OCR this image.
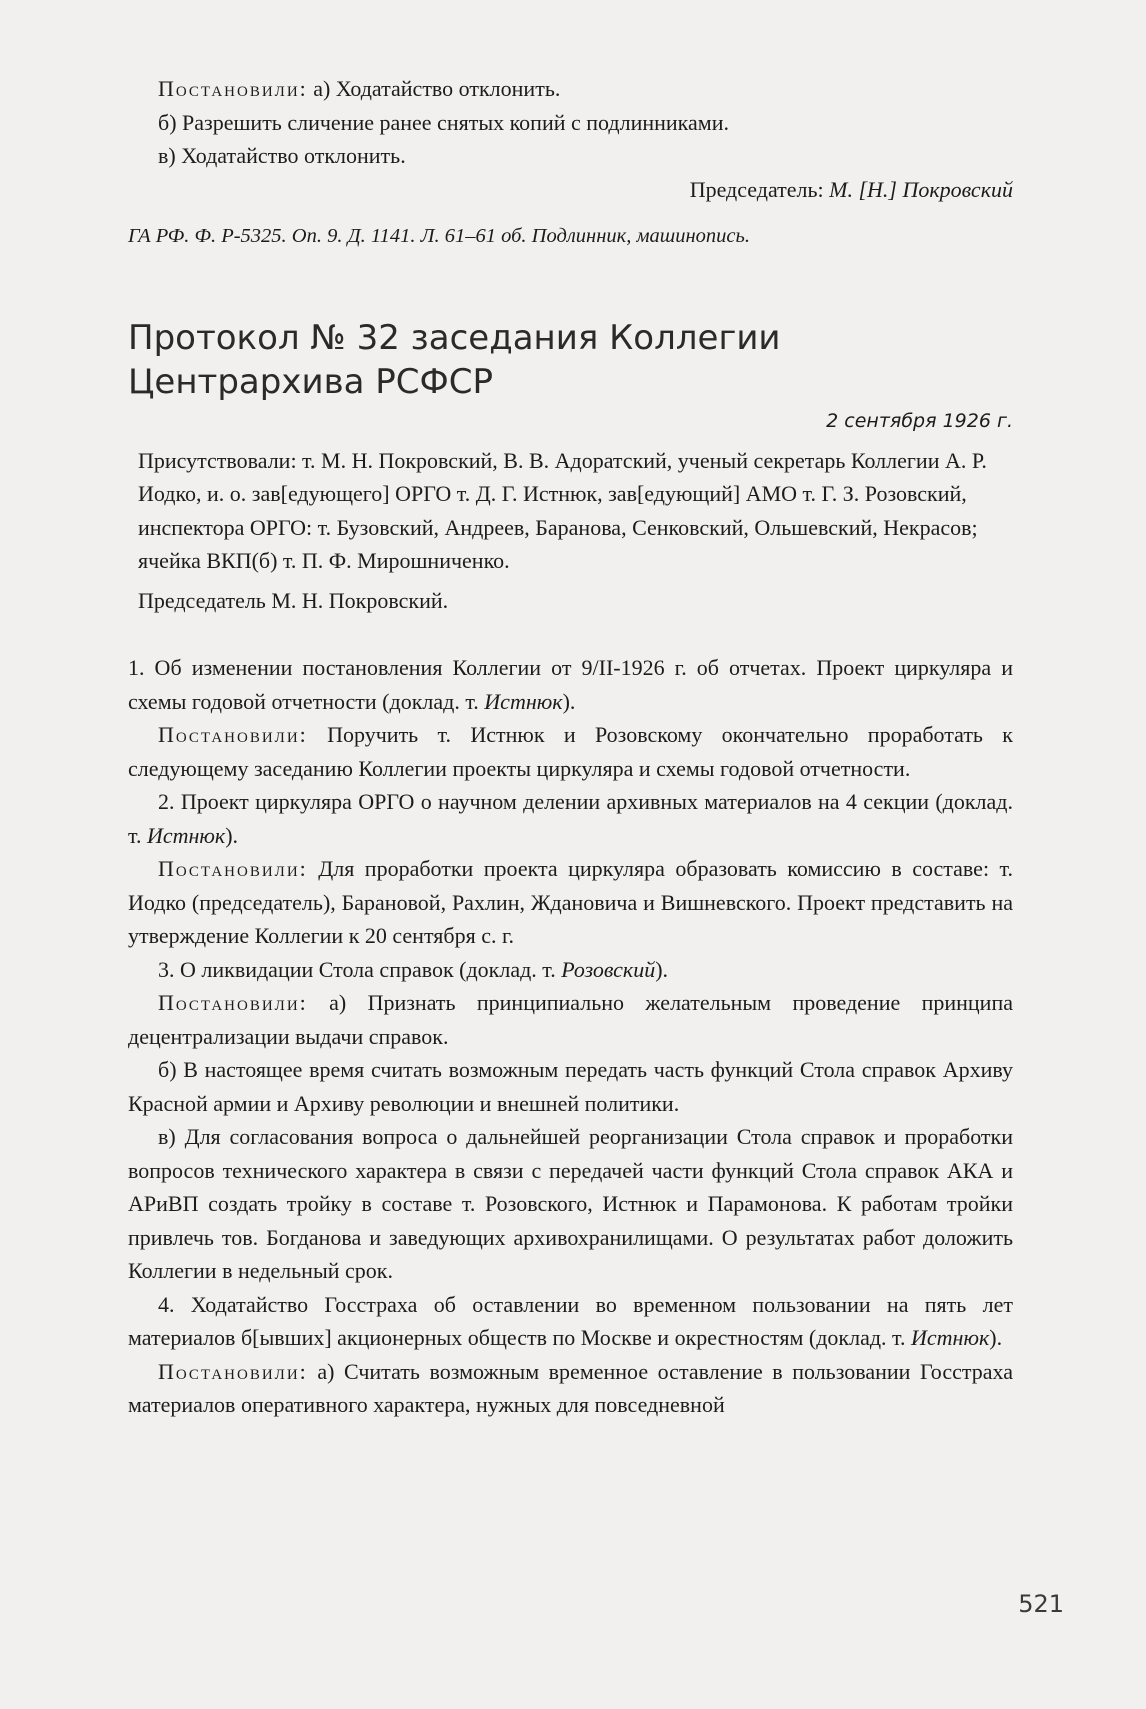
Постановили: а) Ходатайство отклонить.

б) Разрешить сличение ранее снятых копий с подлинниками.

в) Ходатайство отклонить.

Председатель: М. [Н.] Покровский

ГА РФ. Ф. Р-5325. Оп. 9. Д. 1141. Л. 61–61 об. Подлинник, машинопись.

Протокол № 32 заседания Коллегии
Центрархива РСФСР

2 сентября 1926 г.

Присутствовали: т. М. Н. Покровский, В. В. Адоратский, ученый секретарь Коллегии А. Р. Иодко, и. о. зав[едующего] ОРГО т. Д. Г. Истнюк, зав[едующий] АМО т. Г. З. Розовский, инспектора ОРГО: т. Бузовский, Андреев, Баранова, Сенковский, Ольшевский, Некрасов; ячейка ВКП(б) т. П. Ф. Мирошниченко.

Председатель М. Н. Покровский.

1. Об изменении постановления Коллегии от 9/II-1926 г. об отчетах. Проект циркуляра и схемы годовой отчетности (доклад. т. Истнюк).

Постановили: Поручить т. Истнюк и Розовскому окончательно проработать к следующему заседанию Коллегии проекты циркуляра и схемы годовой отчетности.

2. Проект циркуляра ОРГО о научном делении архивных материалов на 4 секции (доклад. т. Истнюк).

Постановили: Для проработки проекта циркуляра образовать комиссию в составе: т. Иодко (председатель), Барановой, Рахлин, Ждановича и Вишневского. Проект представить на утверждение Коллегии к 20 сентября с. г.

3. О ликвидации Стола справок (доклад. т. Розовский).

Постановили: а) Признать принципиально желательным проведение принципа децентрализации выдачи справок.

б) В настоящее время считать возможным передать часть функций Стола справок Архиву Красной армии и Архиву революции и внешней политики.

в) Для согласования вопроса о дальнейшей реорганизации Стола справок и проработки вопросов технического характера в связи с передачей части функций Стола справок АКА и АРиВП создать тройку в составе т. Розовского, Истнюк и Парамонова. К работам тройки привлечь тов. Богданова и заведующих архивохранилищами. О результатах работ доложить Коллегии в недельный срок.

4. Ходатайство Госстраха об оставлении во временном пользовании на пять лет материалов б[ывших] акционерных обществ по Москве и окрестностям (доклад. т. Истнюк).

Постановили: а) Считать возможным временное оставление в пользовании Госстраха материалов оперативного характера, нужных для повседневной

521
